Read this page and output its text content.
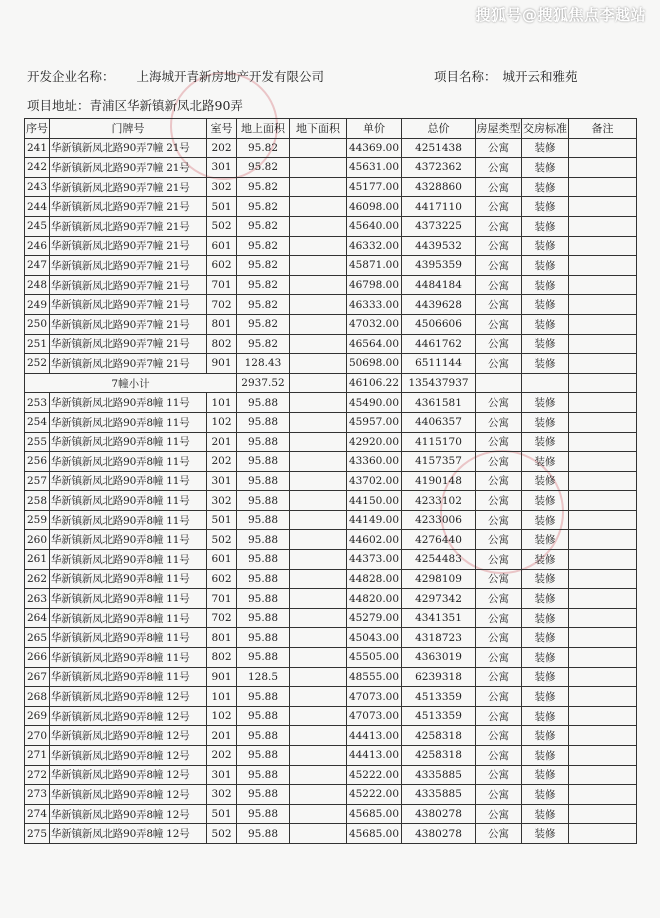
搜狐号@搜狐焦点李越站
开发企业名称： 上海城开青新房地产开发有限公司	项目名称： 城开云和雅苑
项目地址：青浦区华新镇新凤北路90弄
序号	门牌号	室号	地上面积	地下面积	单价	总价	房屋类型	交房标准	备注
241	华新镇新凤北路90弄7幢 21号	202	95.82		44369.00	4251438	公寓	装修	
242	华新镇新凤北路90弄7幢 21号	301	95.82		45631.00	4372362	公寓	装修	
243	华新镇新凤北路90弄7幢 21号	302	95.82		45177.00	4328860	公寓	装修	
244	华新镇新凤北路90弄7幢 21号	501	95.82		46098.00	4417110	公寓	装修	
245	华新镇新凤北路90弄7幢 21号	502	95.82		45640.00	4373225	公寓	装修	
246	华新镇新凤北路90弄7幢 21号	601	95.82		46332.00	4439532	公寓	装修	
247	华新镇新凤北路90弄7幢 21号	602	95.82		45871.00	4395359	公寓	装修	
248	华新镇新凤北路90弄7幢 21号	701	95.82		46798.00	4484184	公寓	装修	
249	华新镇新凤北路90弄7幢 21号	702	95.82		46333.00	4439628	公寓	装修	
250	华新镇新凤北路90弄7幢 21号	801	95.82		47032.00	4506606	公寓	装修	
251	华新镇新凤北路90弄7幢 21号	802	95.82		46564.00	4461762	公寓	装修	
252	华新镇新凤北路90弄7幢 21号	901	128.43		50698.00	6511144	公寓	装修	
7幢小计			2937.52		46106.22	135437937			
253	华新镇新凤北路90弄8幢 11号	101	95.88		45490.00	4361581	公寓	装修	
254	华新镇新凤北路90弄8幢 11号	102	95.88		45957.00	4406357	公寓	装修	
255	华新镇新凤北路90弄8幢 11号	201	95.88		42920.00	4115170	公寓	装修	
256	华新镇新凤北路90弄8幢 11号	202	95.88		43360.00	4157357	公寓	装修	
257	华新镇新凤北路90弄8幢 11号	301	95.88		43702.00	4190148	公寓	装修	
258	华新镇新凤北路90弄8幢 11号	302	95.88		44150.00	4233102	公寓	装修	
259	华新镇新凤北路90弄8幢 11号	501	95.88		44149.00	4233006	公寓	装修	
260	华新镇新凤北路90弄8幢 11号	502	95.88		44602.00	4276440	公寓	装修	
261	华新镇新凤北路90弄8幢 11号	601	95.88		44373.00	4254483	公寓	装修	
262	华新镇新凤北路90弄8幢 11号	602	95.88		44828.00	4298109	公寓	装修	
263	华新镇新凤北路90弄8幢 11号	701	95.88		44820.00	4297342	公寓	装修	
264	华新镇新凤北路90弄8幢 11号	702	95.88		45279.00	4341351	公寓	装修	
265	华新镇新凤北路90弄8幢 11号	801	95.88		45043.00	4318723	公寓	装修	
266	华新镇新凤北路90弄8幢 11号	802	95.88		45505.00	4363019	公寓	装修	
267	华新镇新凤北路90弄8幢 11号	901	128.5		48555.00	6239318	公寓	装修	
268	华新镇新凤北路90弄8幢 12号	101	95.88		47073.00	4513359	公寓	装修	
269	华新镇新凤北路90弄8幢 12号	102	95.88		47073.00	4513359	公寓	装修	
270	华新镇新凤北路90弄8幢 12号	201	95.88		44413.00	4258318	公寓	装修	
271	华新镇新凤北路90弄8幢 12号	202	95.88		44413.00	4258318	公寓	装修	
272	华新镇新凤北路90弄8幢 12号	301	95.88		45222.00	4335885	公寓	装修	
273	华新镇新凤北路90弄8幢 12号	302	95.88		45222.00	4335885	公寓	装修	
274	华新镇新凤北路90弄8幢 12号	501	95.88		45685.00	4380278	公寓	装修	
275	华新镇新凤北路90弄8幢 12号	502	95.88		45685.00	4380278	公寓	装修	
